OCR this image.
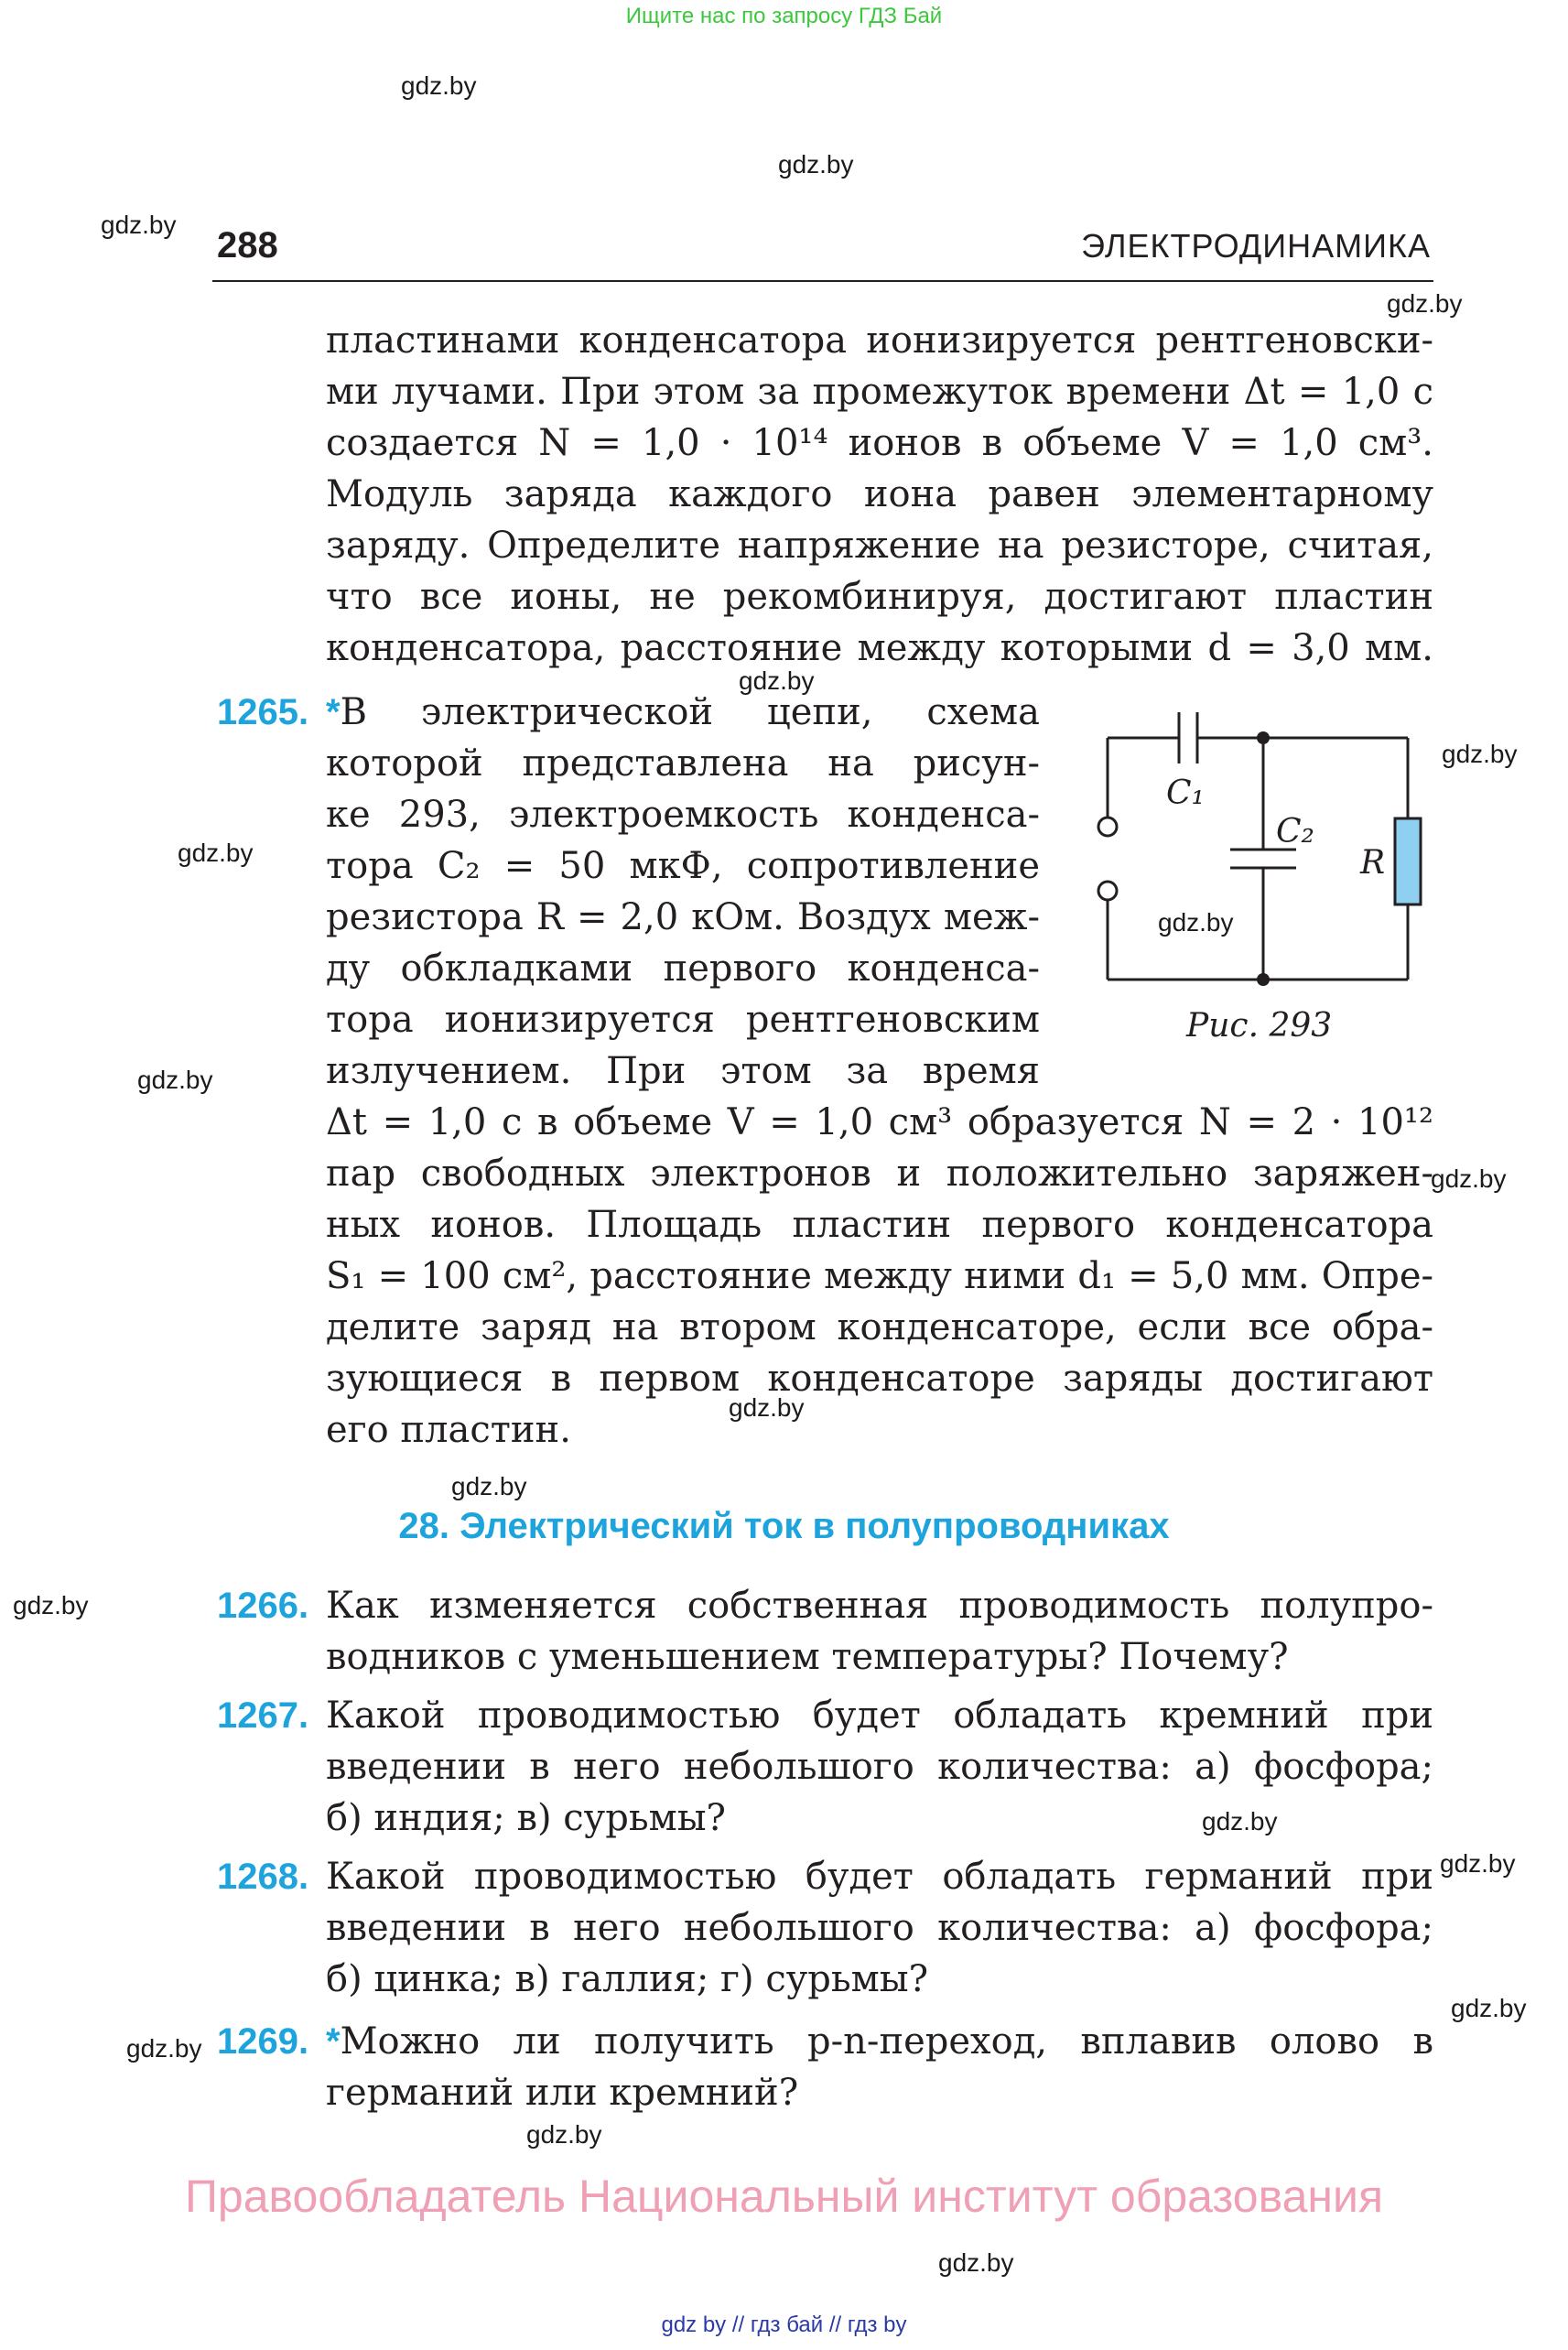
Ищите нас по запросу ГДЗ Бай
gdz.by
gdz.by
gdz.by
gdz.by
gdz.by
gdz.by
gdz.by
gdz.by
gdz.by
gdz.by
gdz.by
gdz.by
gdz.by
gdz.by
gdz.by
gdz.by
gdz.by
gdz.by
gdz.by
288	ЭЛЕКТРОДИНАМИКА
пластинами конденсатора ионизируется рентгеновски-
ми лучами. При этом за промежуток времени Δt = 1,0 с
создается N = 1,0 · 10¹⁴ ионов в объеме V = 1,0 см³.
Модуль заряда каждого иона равен элементарному
заряду. Определите напряжение на резисторе, считая,
что все ионы, не рекомбинируя, достигают пластин
конденсатора, расстояние между которыми d = 3,0 мм.
1265. *В электрической цепи, схема
которой представлена на рисун-
ке 293, электроемкость конденса-
тора C₂ = 50 мкФ, сопротивление
резистора R = 2,0 кОм. Воздух меж-
ду обкладками первого конденса-
тора ионизируется рентгеновским
излучением. При этом за время
Δt = 1,0 с в объеме V = 1,0 см³ образуется N = 2 · 10¹²
пар свободных электронов и положительно заряжен-
ных ионов. Площадь пластин первого конденсатора
S₁ = 100 см², расстояние между ними d₁ = 5,0 мм. Опре-
делите заряд на втором конденсаторе, если все обра-
зующиеся в первом конденсаторе заряды достигают
его пластин.
C₁
C₂
R
Рис. 293
28. Электрический ток в полупроводниках
1266. Как изменяется собственная проводимость полупро-
водников с уменьшением температуры? Почему?
1267. Какой проводимостью будет обладать кремний при
введении в него небольшого количества: а) фосфора;
б) индия; в) сурьмы?
1268. Какой проводимостью будет обладать германий при
введении в него небольшого количества: а) фосфора;
б) цинка; в) галлия; г) сурьмы?
1269. *Можно ли получить p-n-переход, вплавив олово в
германий или кремний?
Правообладатель Национальный институт образования
gdz by // гдз бай // гдз by
